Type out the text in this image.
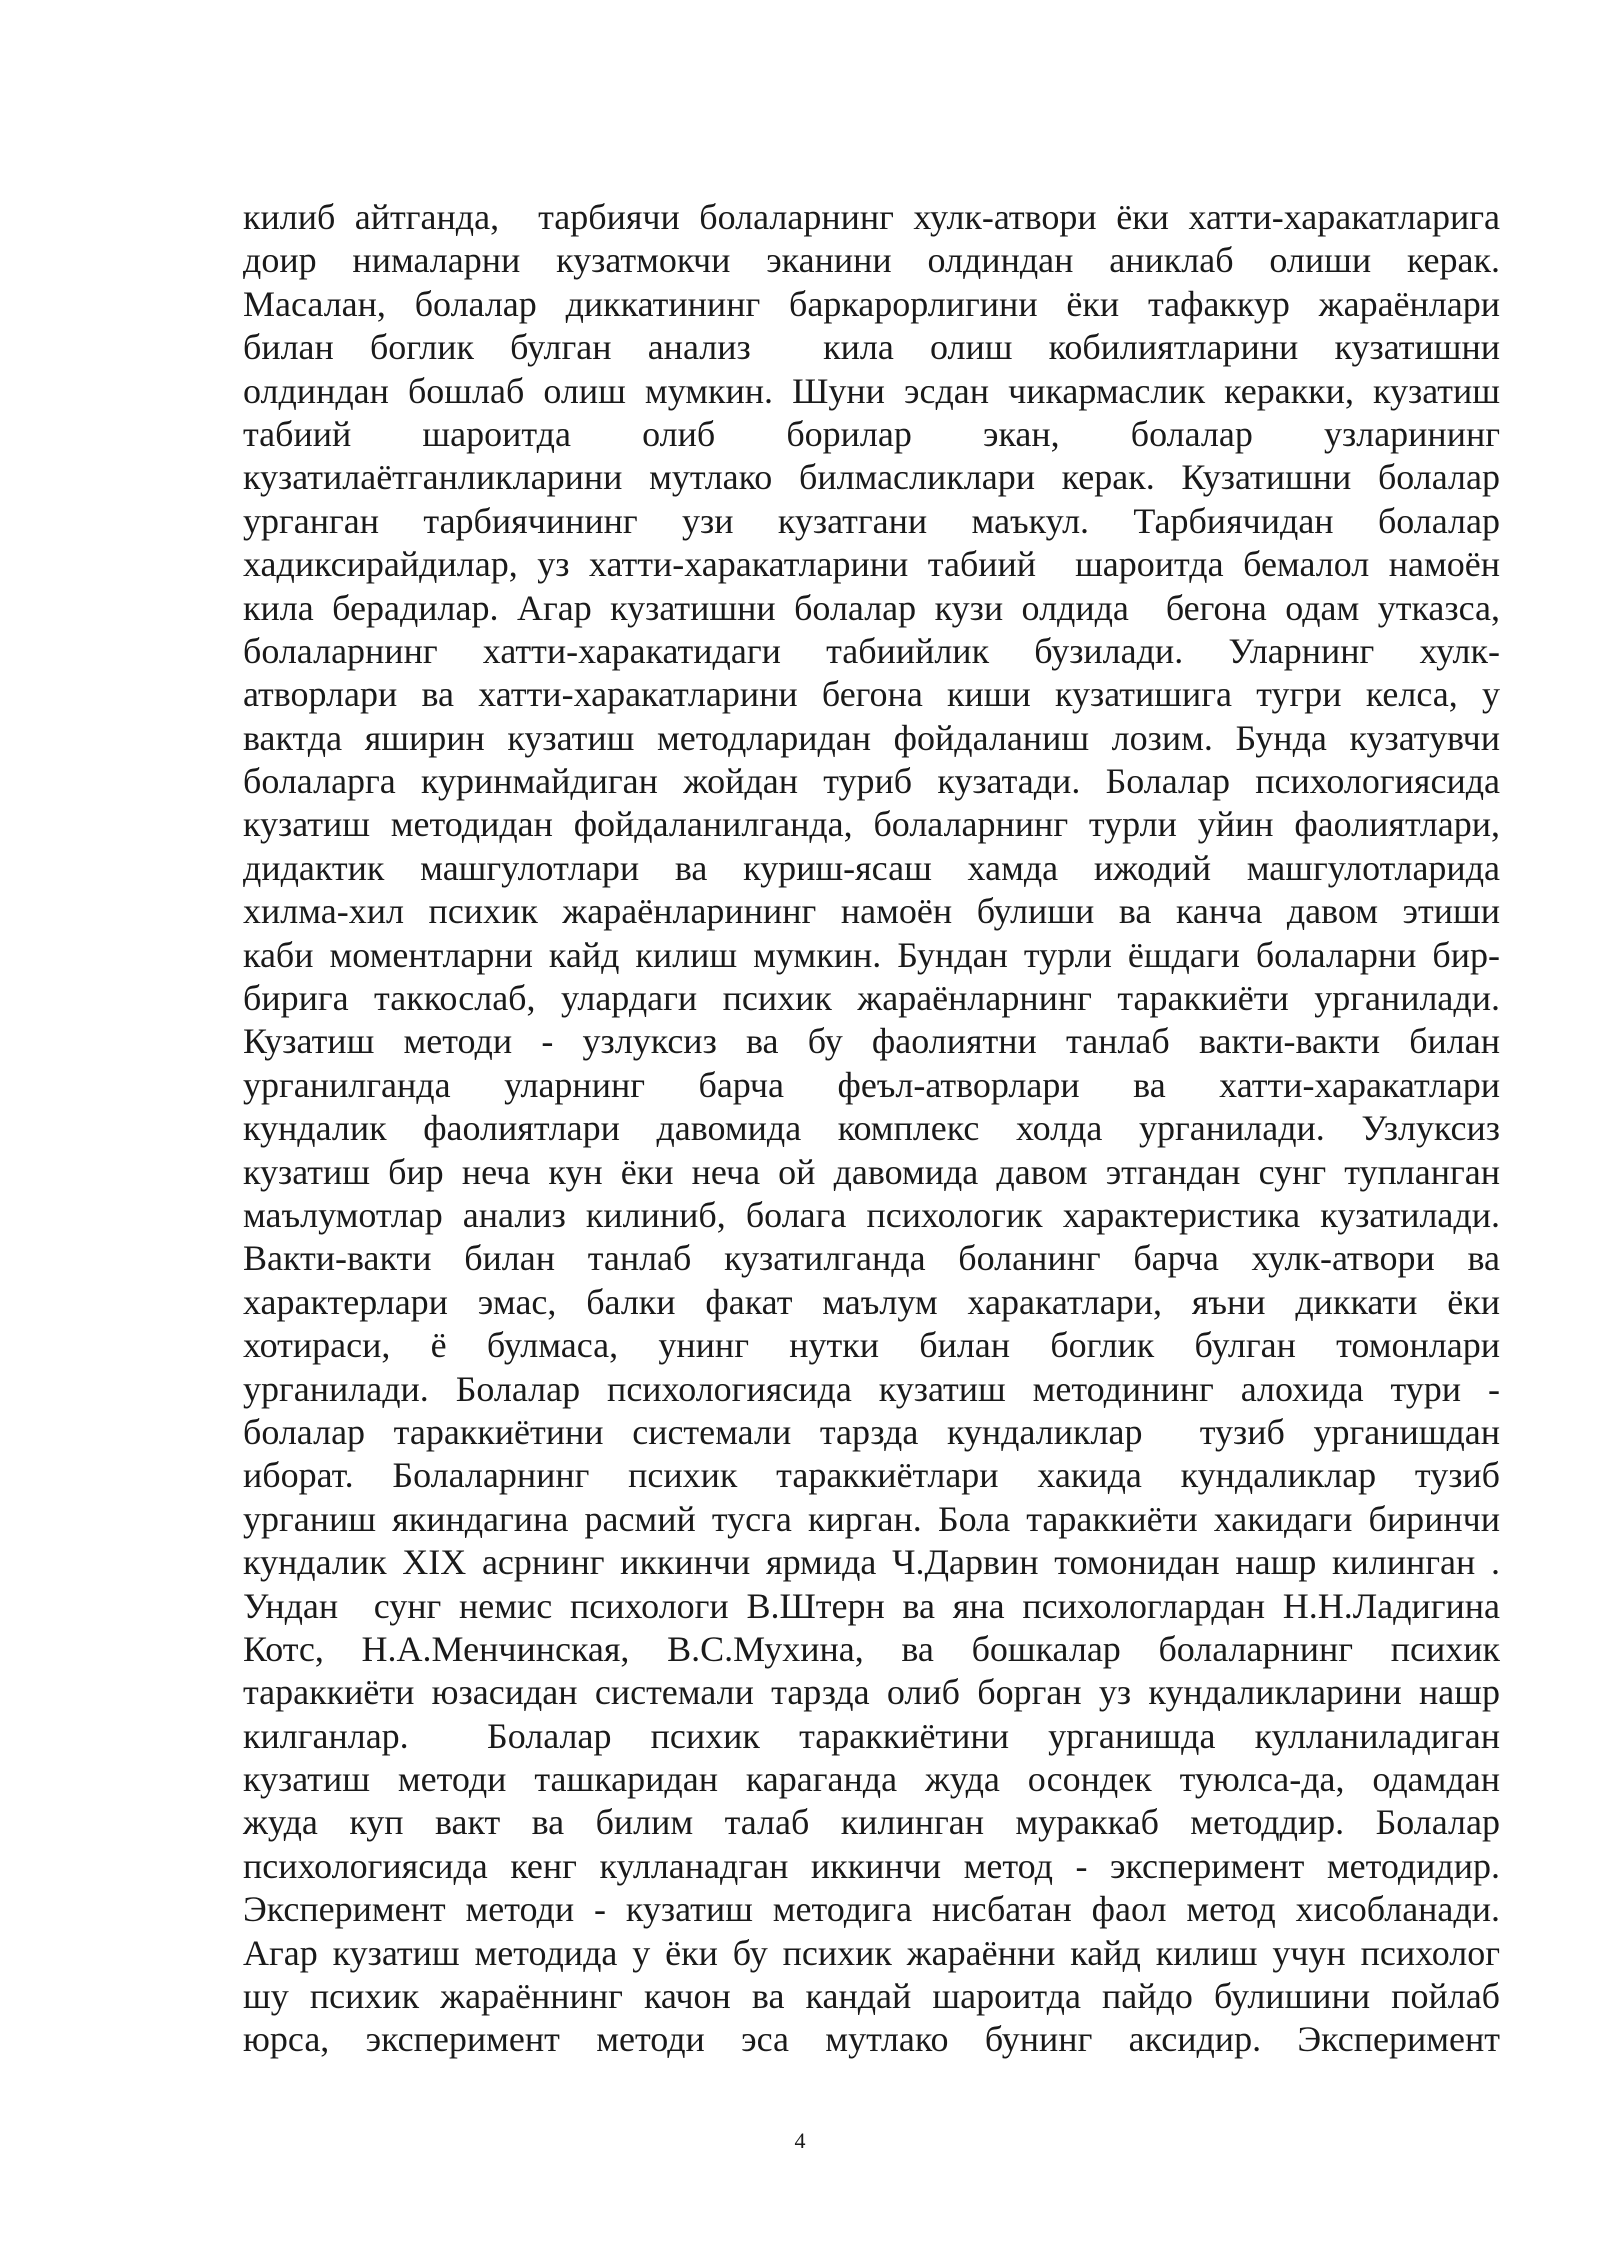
килиб айтганда,  тарбиячи болаларнинг хулк-атвори ёки хатти-харакатларига
доир нималарни кузатмокчи эканини олдиндан аниклаб олиши керак.
Масалан, болалар диккатининг баркарорлигини ёки тафаккур жараёнлари
билан боглик булган анализ  кила олиш кобилиятларини кузатишни
олдиндан бошлаб олиш мумкин. Шуни эсдан чикармаслик керакки, кузатиш
табиий шароитда олиб борилар экан, болалар узларининг
кузатилаётганликларини мутлако билмасликлари керак. Кузатишни болалар
урганган тарбиячининг узи кузатгани маъкул. Тарбиячидан болалар
хадиксирайдилар, уз хатти-харакатларини табиий  шароитда бемалол намоён
кила берадилар. Агар кузатишни болалар кузи олдида  бегона одам утказса,
болаларнинг хатти-харакатидаги табиийлик бузилади. Уларнинг хулк-
атворлари ва хатти-харакатларини бегона киши кузатишига тугри келса, у
вактда яширин кузатиш методларидан фойдаланиш лозим. Бунда кузатувчи
болаларга куринмайдиган жойдан туриб кузатади. Болалар психологиясида
кузатиш методидан фойдаланилганда, болаларнинг турли уйин фаолиятлари,
дидактик машгулотлари ва куриш-ясаш хамда ижодий машгулотларида
хилма-хил психик жараёнларининг намоён булиши ва канча давом этиши
каби моментларни кайд килиш мумкин. Бундан турли ёшдаги болаларни бир-
бирига таккослаб, улардаги психик жараёнларнинг тараккиёти урганилади.
Кузатиш методи - узлуксиз ва бу фаолиятни танлаб вакти-вакти билан
урганилганда уларнинг барча феъл-атворлари ва хатти-харакатлари
кундалик фаолиятлари давомида комплекс холда урганилади. Узлуксиз
кузатиш бир неча кун ёки неча ой давомида давом этгандан сунг тупланган
маълумотлар анализ килиниб, болага психологик характеристика кузатилади.
Вакти-вакти билан танлаб кузатилганда боланинг барча хулк-атвори ва
характерлари эмас, балки факат маълум харакатлари, яъни диккати ёки
хотираси, ё булмаса, унинг нутки билан боглик булган томонлари
урганилади. Болалар психологиясида кузатиш методининг алохида тури -
болалар тараккиётини системали тарзда кундаликлар  тузиб урганишдан
иборат. Болаларнинг психик тараккиётлари хакида кундаликлар тузиб
урганиш якиндагина расмий тусга кирган. Бола тараккиёти хакидаги биринчи
кундалик XIX асрнинг иккинчи ярмида Ч.Дарвин томонидан нашр килинган .
Ундан  сунг немис психологи В.Штерн ва яна психологлардан Н.Н.Ладигина
Котс, Н.А.Менчинская, В.С.Мухина, ва бошкалар болаларнинг психик
тараккиёти юзасидан системали тарзда олиб борган уз кундаликларини нашр
килганлар.  Болалар психик тараккиётини урганишда кулланиладиган
кузатиш методи ташкаридан караганда жуда осондек туюлса-да, одамдан
жуда куп вакт ва билим талаб килинган мураккаб методдир. Болалар
психологиясида кенг кулланадган иккинчи метод - эксперимент методидир.
Эксперимент методи - кузатиш методига нисбатан фаол метод хисобланади.
Агар кузатиш методида у ёки бу психик жараённи кайд килиш учун психолог
шу психик жараённинг качон ва кандай шароитда пайдо булишини пойлаб
юрса, эксперимент методи эса мутлако бунинг аксидир. Эксперимент
4
